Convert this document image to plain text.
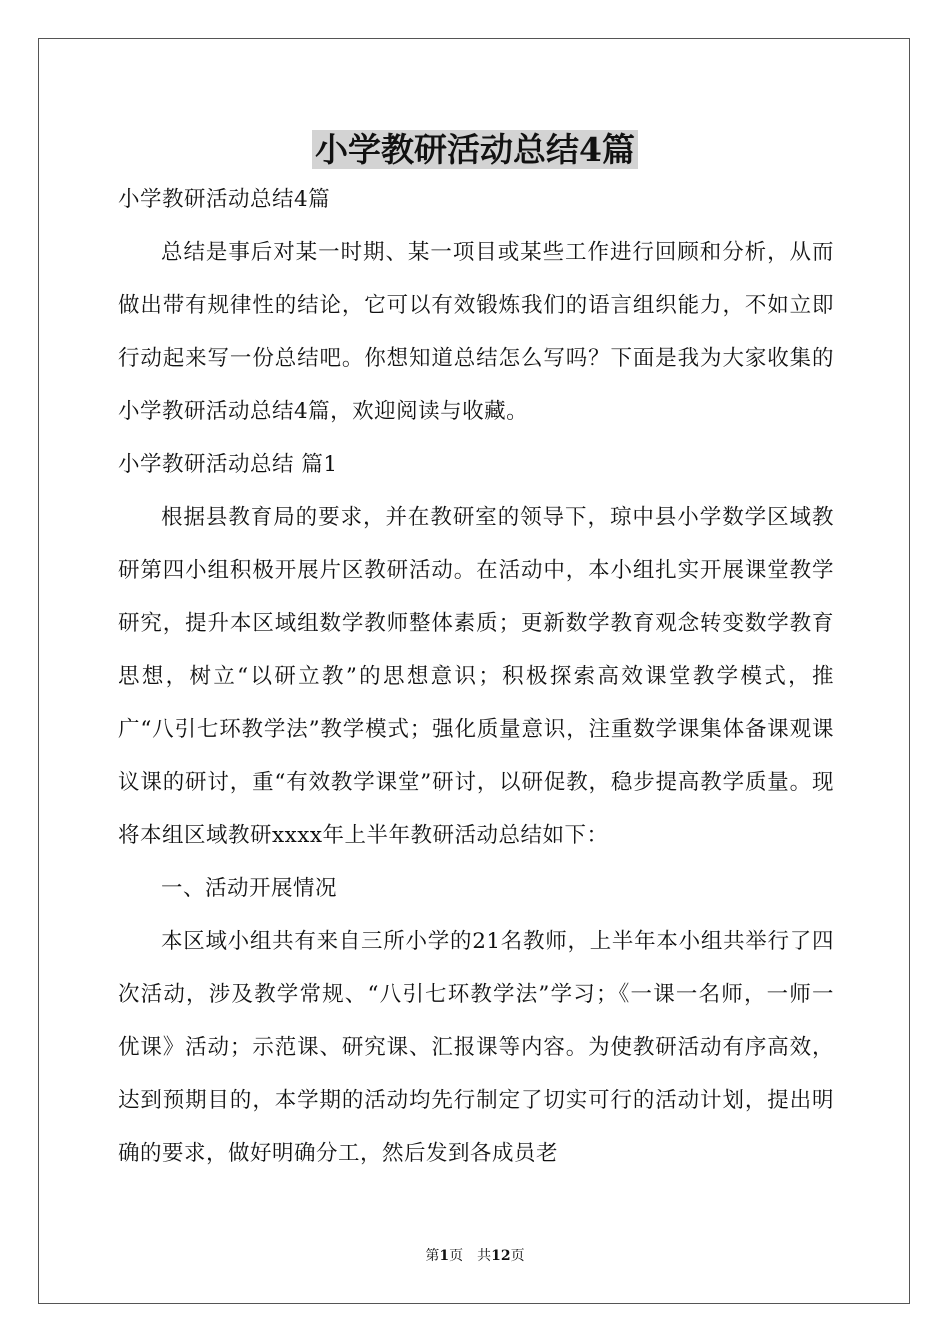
小学教研活动总结4篇

小学教研活动总结4篇

总结是事后对某一时期、某一项目或某些工作进行回顾和分析，从而做出带有规律性的结论，它可以有效锻炼我们的语言组织能力，不如立即行动起来写一份总结吧。你想知道总结怎么写吗？下面是我为大家收集的小学教研活动总结4篇，欢迎阅读与收藏。

小学教研活动总结 篇1

根据县教育局的要求，并在教研室的领导下，琼中县小学数学区域教研第四小组积极开展片区教研活动。在活动中，本小组扎实开展课堂教学研究，提升本区域组数学教师整体素质；更新数学教育观念转变数学教育思想，树立“以研立教”的思想意识；积极探索高效课堂教学模式，推广“八引七环教学法”教学模式；强化质量意识，注重数学课集体备课观课议课的研讨，重“有效教学课堂”研讨，以研促教，稳步提高教学质量。现将本组区域教研xxxx年上半年教研活动总结如下：

一、活动开展情况

本区域小组共有来自三所小学的21名教师，上半年本小组共举行了四次活动，涉及教学常规、“八引七环教学法”学习；《一课一名师，一师一优课》活动；示范课、研究课、汇报课等内容。为使教研活动有序高效，达到预期目的，本学期的活动均先行制定了切实可行的活动计划，提出明确的要求，做好明确分工，然后发到各成员老

第1页　共12页
